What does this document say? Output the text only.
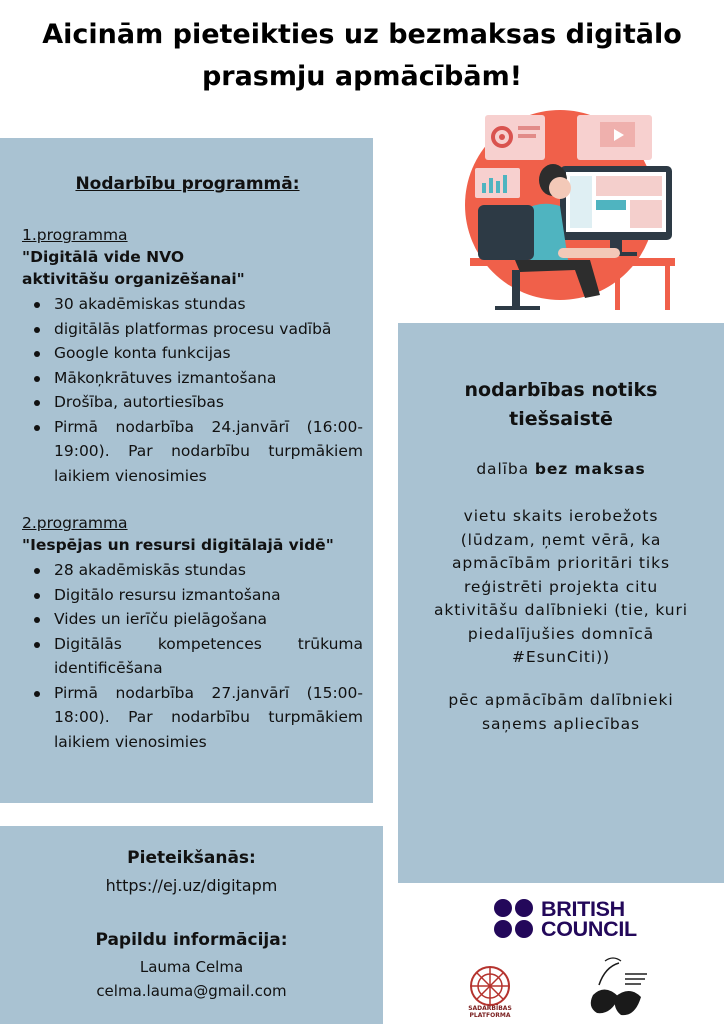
Aicinām pieteikties uz bezmaksas digitālo
prasmju apmācībām!
Nodarbību programmā:
1.programma
"Digitālā vide NVO
aktivitāšu organizēšanai"
30 akadēmiskas stundas
digitālās platformas procesu vadībā
Google konta funkcijas
Mākoņkrātuves izmantošana
Drošība, autortiesības
Pirmā nodarbība 24.janvārī (16:00-19:00). Par nodarbību turpmākiem laikiem vienosimies
2.programma
"Iespējas un resursi digitālajā vidē"
28 akadēmiskās stundas
Digitālo resursu izmantošana
Vides un ierīču pielāgošana
Digitālās kompetences trūkuma identificēšana
Pirmā nodarbība 27.janvārī (15:00-18:00). Par nodarbību turpmākiem laikiem vienosimies
nodarbības notiks
tiešsaistē
dalība bez maksas
vietu skaits ierobežots
(lūdzam, ņemt vērā, ka
apmācībām prioritāri tiks
reģistrēti projekta citu
aktivitāšu dalībnieki (tie, kuri
piedalījušies domnīcā
#EsunCiti))
pēc apmācībām dalībnieki
saņems apliecības
Pieteikšanās:
https://ej.uz/digitapm
Papildu informācija:
Lauma Celma
celma.lauma@gmail.com
BRITISH
COUNCIL
SADARBĪBAS PLATFORMA
